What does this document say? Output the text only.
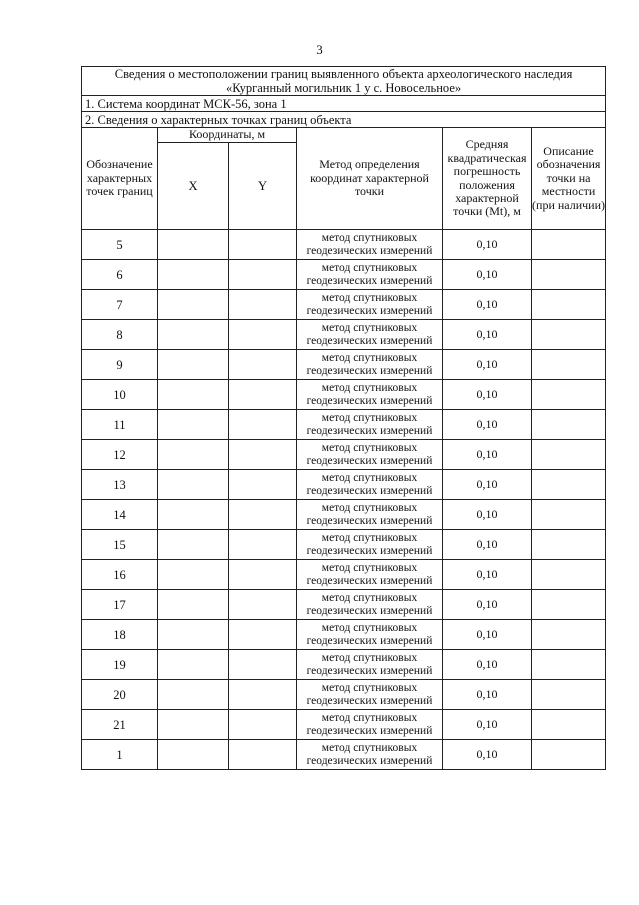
3
Сведения о местоположении границ выявленного объекта археологического наследия «Курганный могильник 1 у с. Новосельное»					
1. Система координат МСК-56, зона 1					
2. Сведения о характерных точках границ объекта					
Обозначение характерных точек границ	Координаты, м		Метод определения координат характерной точки	Средняя квадратическая погрешность положения характерной точки (Mt), м	Описание обозначения точки на местности (при наличии)
	X	Y			
5			метод спутниковых геодезических измерений	0,10	
6			метод спутниковых геодезических измерений	0,10	
7			метод спутниковых геодезических измерений	0,10	
8			метод спутниковых геодезических измерений	0,10	
9			метод спутниковых геодезических измерений	0,10	
10			метод спутниковых геодезических измерений	0,10	
11			метод спутниковых геодезических измерений	0,10	
12			метод спутниковых геодезических измерений	0,10	
13			метод спутниковых геодезических измерений	0,10	
14			метод спутниковых геодезических измерений	0,10	
15			метод спутниковых геодезических измерений	0,10	
16			метод спутниковых геодезических измерений	0,10	
17			метод спутниковых геодезических измерений	0,10	
18			метод спутниковых геодезических измерений	0,10	
19			метод спутниковых геодезических измерений	0,10	
20			метод спутниковых геодезических измерений	0,10	
21			метод спутниковых геодезических измерений	0,10	
1			метод спутниковых геодезических измерений	0,10	
